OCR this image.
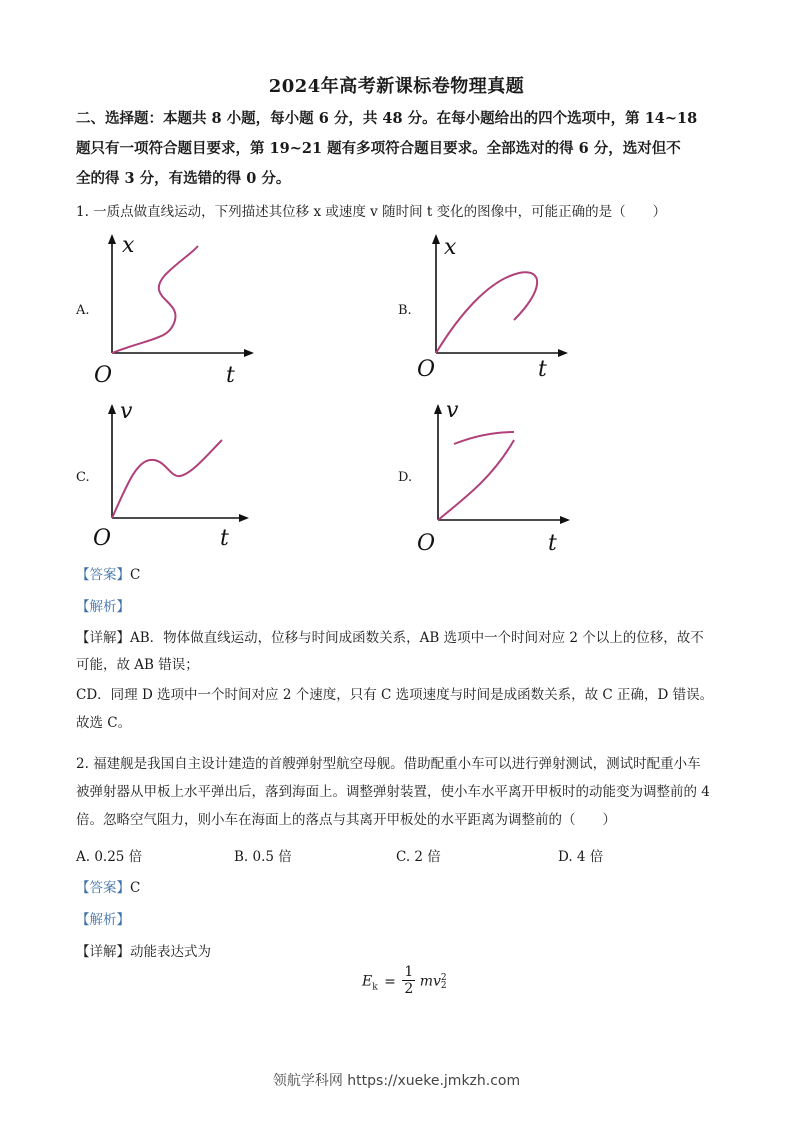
2024年高考新课标卷物理真题
二、选择题：本题共 8 小题，每小题 6 分，共 48 分。在每小题给出的四个选项中，第 14~18
题只有一项符合题目要求，第 19~21 题有多项符合题目要求。全部选对的得 6 分，选对但不
全的得 3 分，有选错的得 0 分。
1. 一质点做直线运动，下列描述其位移 x 或速度 v 随时间 t 变化的图像中，可能正确的是（　　）
A.	B.
C.	D.
x
O	t
x
O	t
v
O	t
v
O	t
【答案】C
【解析】
【详解】AB．物体做直线运动，位移与时间成函数关系，AB 选项中一个时间对应 2 个以上的位移，故不
可能，故 AB 错误；
CD．同理 D 选项中一个时间对应 2 个速度，只有 C 选项速度与时间是成函数关系，故 C 正确，D 错误。
故选 C。
2. 福建舰是我国自主设计建造的首艘弹射型航空母舰。借助配重小车可以进行弹射测试，测试时配重小车
被弹射器从甲板上水平弹出后，落到海面上。调整弹射装置，使小车水平离开甲板时的动能变为调整前的 4
倍。忽略空气阻力，则小车在海面上的落点与其离开甲板处的水平距离为调整前的（　　）
A. 0.25 倍	B. 0.5 倍	C. 2 倍	D. 4 倍
【答案】C
【解析】
【详解】动能表达式为
$E_k = \frac{1}{2}$ mv 2
2
领航学科网 https://xueke.jmkzh.com
